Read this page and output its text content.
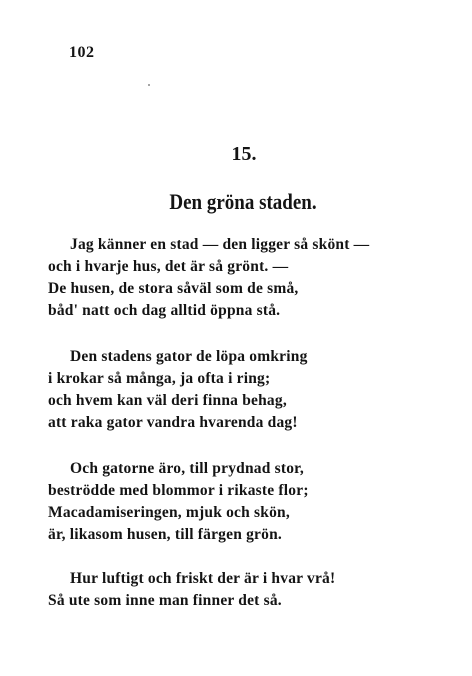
102
15.
Den gröna staden.
Jag känner en stad — den ligger så skönt —
och i hvarje hus, det är så grönt. —
De husen, de stora såväl som de små,
båd' natt och dag alltid öppna stå.
Den stadens gator de löpa omkring
i krokar så många, ja ofta i ring;
och hvem kan väl deri finna behag,
att raka gator vandra hvarenda dag!
Och gatorne äro, till prydnad stor,
beströdde med blommor i rikaste flor;
Macadamiseringen, mjuk och skön,
är, likasom husen, till färgen grön.
Hur luftigt och friskt der är i hvar vrå!
Så ute som inne man finner det så.
